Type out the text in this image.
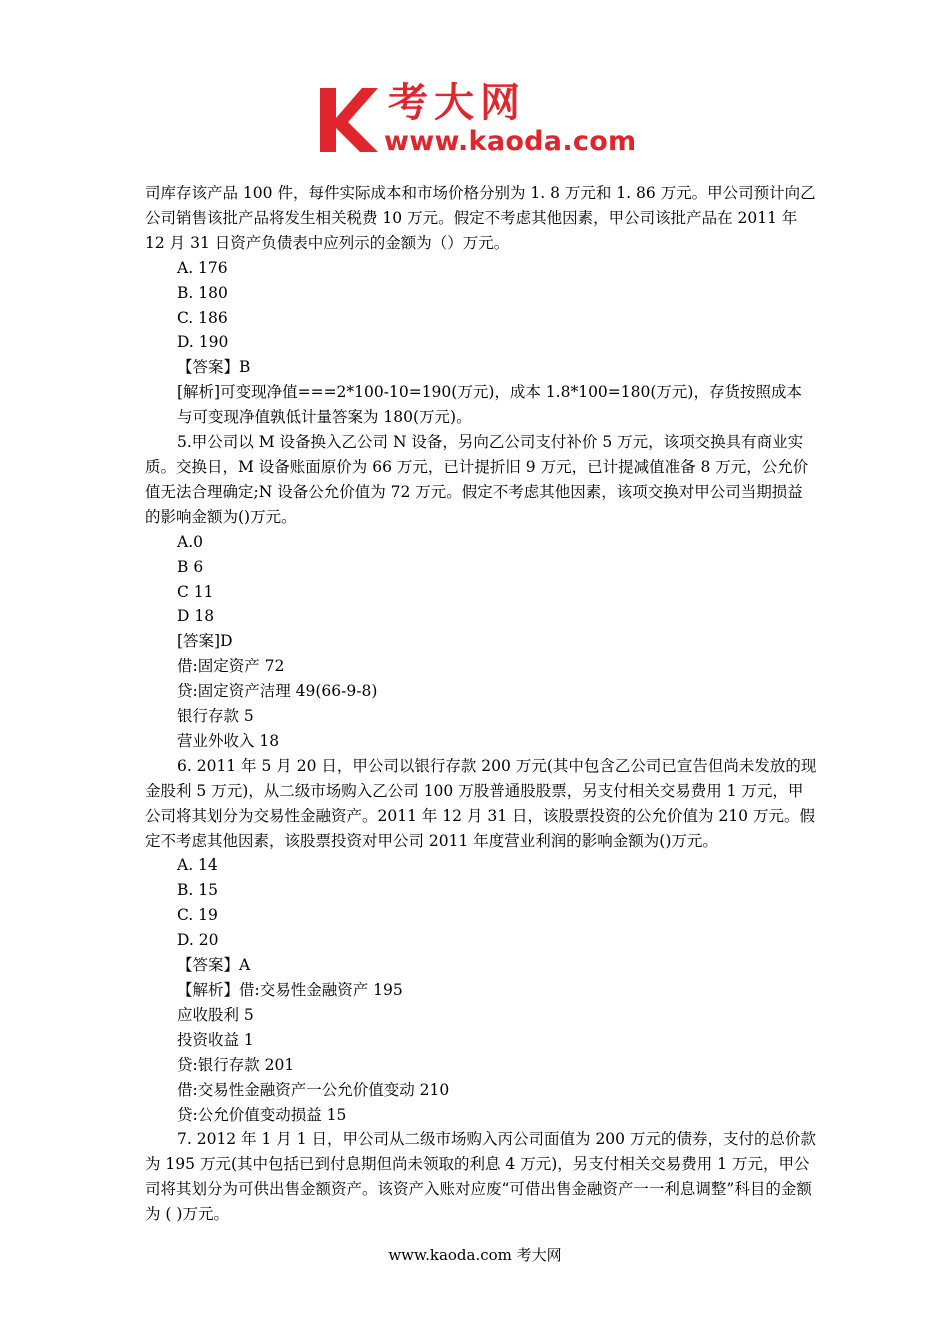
考大网
www.kaoda.com

司库存该产品 100 件，每件实际成本和市场价格分别为 1. 8 万元和 1. 86 万元。甲公司预计向乙公司销售该批产品将发生相关税费 10 万元。假定不考虑其他因素，甲公司该批产品在 2011 年 12 月 31 日资产负债表中应列示的金额为（）万元。

A. 176

B. 180

C. 186

D. 190

【答案】B

[解析]可变现净值===2*100-10=190(万元)，成本 1.8*100=180(万元)，存货按照成本

与可变现净值孰低计量答案为 180(万元)。

5.甲公司以 M 设备换入乙公司 N 设备，另向乙公司支付补价 5 万元，该项交换具有商业实质。交换日，M 设备账面原价为 66 万元，已计提折旧 9 万元，已计提减值准备 8 万元，公允价值无法合理确定;N 设备公允价值为 72 万元。假定不考虑其他因素，该项交换对甲公司当期损益的影响金额为()万元。

A.0

B 6

C 11

D 18

[答案]D

借:固定资产 72

贷:固定资产洁理 49(66-9-8)

银行存款 5

营业外收入 18

6. 2011 年 5 月 20 日，甲公司以银行存款 200 万元(其中包含乙公司已宣告但尚未发放的现金股利 5 万元)，从二级市场购入乙公司 100 万股普通股股票，另支付相关交易费用 1 万元，甲公司将其划分为交易性金融资产。2011 年 12 月 31 日，该股票投资的公允价值为 210 万元。假定不考虑其他因素，该股票投资对甲公司 2011 年度营业利润的影响金额为()万元。

A. 14

B. 15

C. 19

D. 20

【答案】A

【解析】借:交易性金融资产 195

应收股利 5

投资收益 1

贷:银行存款 201

借:交易性金融资产一公允价值变动 210

贷:公允价值变动损益 15

7. 2012 年 1 月 1 日，甲公司从二级市场购入丙公司面值为 200 万元的债券，支付的总价款为 195 万元(其中包括已到付息期但尚未领取的利息 4 万元)，另支付相关交易费用 1 万元，甲公司将其划分为可供出售金额资产。该资产入账对应废“可借出售金融资产一一利息调整”科目的金额为 ( )万元。

www.kaoda.com 考大网
